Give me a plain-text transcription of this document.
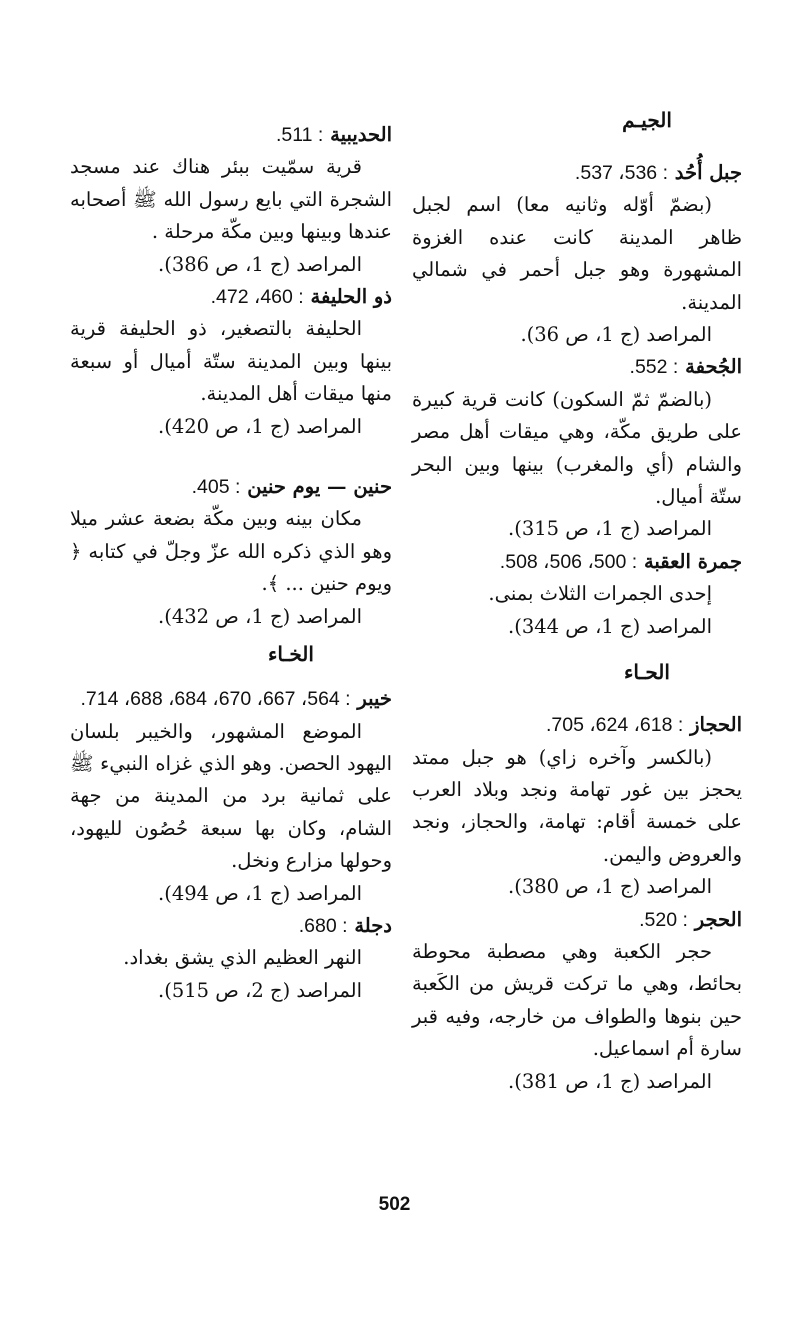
الجيـم
جبل أُحُد : 536، 537.
(بضمّ أوّله وثانيه معا) اسم لجبل ظاهر المدينة كانت عنده الغزوة المشهورة وهو جبل أحمر في شمالي المدينة.
المراصد (ج 1، ص 36).
الجُحفة : 552.
(بالضمّ ثمّ السكون) كانت قرية كبيرة على طريق مكّة، وهي ميقات أهل مصر والشام (أي والمغرب) بينها وبين البحر ستّة أميال.
المراصد (ج 1، ص 315).
جمرة العقبة : 500، 506، 508.
إحدى الجمرات الثلاث بمنى.
المراصد (ج 1، ص 344).
الحـاء
الحجاز : 618، 624، 705.
(بالكسر وآخره زاي) هو جبل ممتد يحجز بين غور تهامة ونجد وبلاد العرب على خمسة أقام: تهامة، والحجاز، ونجد والعروض واليمن.
المراصد (ج 1، ص 380).
الحجر : 520.
حجر الكعبة وهي مصطبة محوطة بحائط، وهي ما تركت قريش من الكَعبة حين بنوها والطواف من خارجه، وفيه قبر سارة أم اسماعيل.
المراصد (ج 1، ص 381).
الحديبية : 511.
قرية سمّيت ببئر هناك عند مسجد الشجرة التي بايع رسول الله ﷺ أصحابه عندها وبينها وبين مكّة مرحلة .
المراصد (ج 1، ص 386).
ذو الحليفة : 460، 472.
الحليفة بالتصغير، ذو الحليفة قرية بينها وبين المدينة ستّة أميال أو سبعة منها ميقات أهل المدينة.
المراصد (ج 1، ص 420).
حنين — يوم حنين : 405.
مكان بينه وبين مكّة بضعة عشر ميلا وهو الذي ذكره الله عزّ وجلّ في كتابه ﴿ ويوم حنين ... ﴾.
المراصد (ج 1، ص 432).
الخـاء
خيبر : 564، 667، 670، 684، 688، 714.
الموضع المشهور، والخيبر بلسان اليهود الحصن. وهو الذي غزاه النبيء ﷺ على ثمانية برد من المدينة من جهة الشام، وكان بها سبعة حُصُون لليهود، وحولها مزارع ونخل.
المراصد (ج 1، ص 494).
دجلة : 680.
النهر العظيم الذي يشق بغداد.
المراصد (ج 2، ص 515).
502
